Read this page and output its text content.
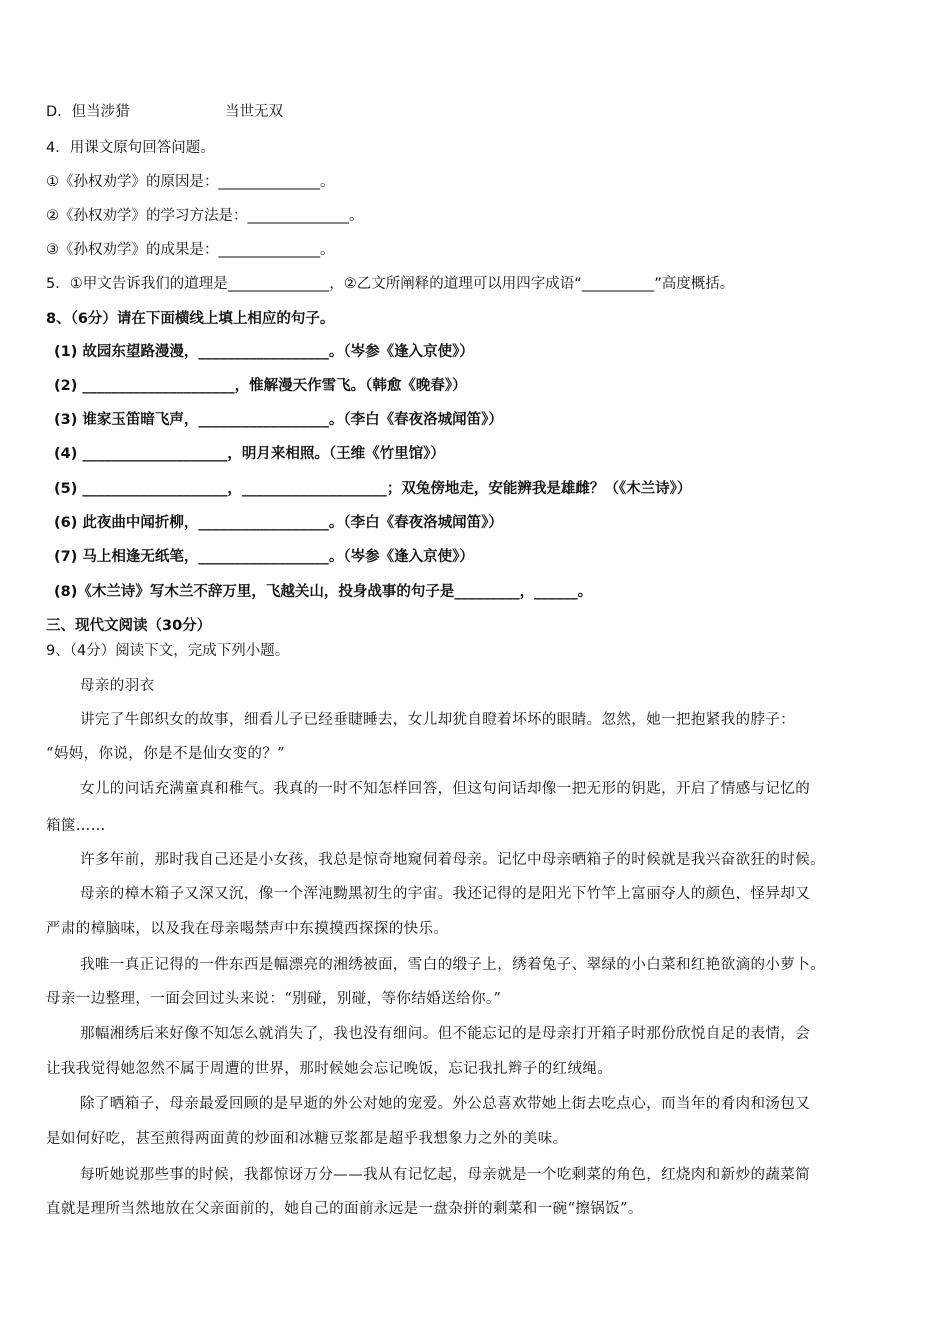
D．但当涉猎	当世无双
4．用课文原句回答问题。
①《孙权劝学》的原因是：______________。
②《孙权劝学》的学习方法是：______________。
③《孙权劝学》的成果是：______________。
5．①甲文告诉我们的道理是______________，②乙文所阐释的道理可以用四字成语“__________”高度概括。
8、（6分）请在下面横线上填上相应的句子。
(1) 故园东望路漫漫，__________________。（岑参《逢入京使》）
(2) _____________________，惟解漫天作雪飞。（韩愈《晚春》）
(3) 谁家玉笛暗飞声，__________________。（李白《春夜洛城闻笛》）
(4) ____________________，明月来相照。（王维《竹里馆》）
(5) ____________________，____________________；双兔傍地走，安能辨我是雄雌？（《木兰诗》）
(6) 此夜曲中闻折柳，__________________。（李白《春夜洛城闻笛》）
(7) 马上相逢无纸笔，__________________。（岑参《逢入京使》）
(8)《木兰诗》写木兰不辞万里，飞越关山，投身战事的句子是_________，______。
三、现代文阅读（30分）
9、（4分）阅读下文，完成下列小题。
母亲的羽衣
讲完了牛郎织女的故事，细看儿子已经垂睫睡去，女儿却犹自瞪着坏坏的眼睛。忽然，她一把抱紧我的脖子：
“妈妈，你说，你是不是仙女变的？”
女儿的问话充满童真和稚气。我真的一时不知怎样回答，但这句问话却像一把无形的钥匙，开启了情感与记忆的
箱箧……
许多年前，那时我自己还是小女孩，我总是惊奇地窥伺着母亲。记忆中母亲晒箱子的时候就是我兴奋欲狂的时候。
母亲的樟木箱子又深又沉，像一个浑沌黝黑初生的宇宙。我还记得的是阳光下竹竿上富丽夺人的颜色，怪异却又
严肃的樟脑味，以及我在母亲喝禁声中东摸摸西探探的快乐。
我唯一真正记得的一件东西是幅漂亮的湘绣被面，雪白的缎子上，绣着兔子、翠绿的小白菜和红艳欲滴的小萝卜。
母亲一边整理，一面会回过头来说：“别碰，别碰，等你结婚送给你。”
那幅湘绣后来好像不知怎么就消失了，我也没有细问。但不能忘记的是母亲打开箱子时那份欣悦自足的表情，会
让我我觉得她忽然不属于周遭的世界，那时候她会忘记晚饭，忘记我扎辫子的红绒绳。
除了晒箱子，母亲最爱回顾的是早逝的外公对她的宠爱。外公总喜欢带她上街去吃点心，而当年的肴肉和汤包又
是如何好吃，甚至煎得两面黄的炒面和冰糖豆浆都是超乎我想象力之外的美味。
每听她说那些事的时候，我都惊讶万分——我从有记忆起，母亲就是一个吃剩菜的角色，红烧肉和新炒的蔬菜简
直就是理所当然地放在父亲面前的，她自己的面前永远是一盘杂拼的剩菜和一碗“擦锅饭”。
